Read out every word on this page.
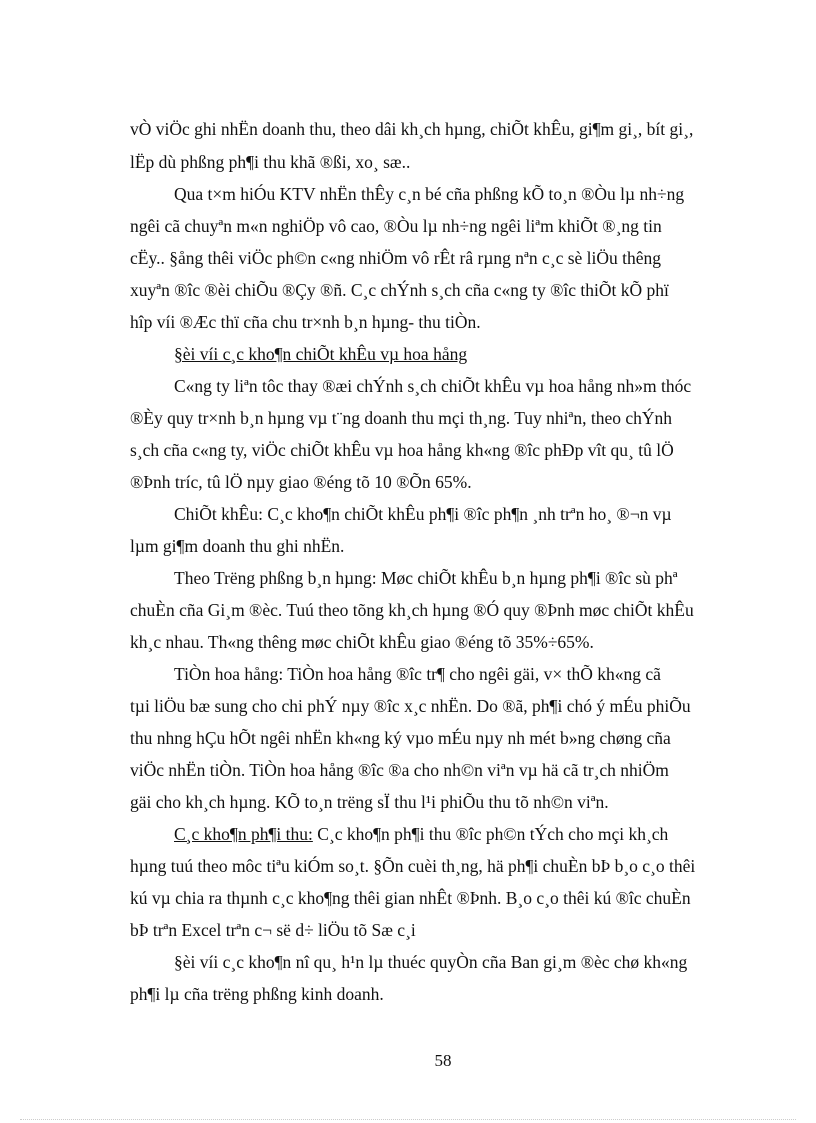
vÒ viÖc ghi nhËn doanh thu, theo dâi kh¸ch hµng, chiÕt khÊu, gi¶m gi¸, bít gi¸,

lËp dù phßng ph¶i thu khã ®ßi, xo¸ sæ..

Qua t×m hiÓu KTV nhËn thÊy c¸n bé cña phßng kÕ to¸n ®Òu lµ nh÷ng

ngêi cã chuyªn m«n nghiÖp vô cao, ®Òu lµ nh÷ng ngêi liªm khiÕt ®¸ng tin

cËy.. §ång thêi viÖc ph©n c«ng nhiÖm vô rÊt râ rµng nªn c¸c sè liÖu thêng

xuyªn ®îc ®èi chiÕu ®Çy ®ñ. C¸c chÝnh s¸ch cña c«ng ty ®îc thiÕt kÕ phï

hîp víi ®Æc thï cña chu tr×nh b¸n hµng- thu tiÒn.

§èi víi c¸c kho¶n chiÕt khÊu vµ hoa hång

C«ng ty liªn tôc thay ®æi chÝnh s¸ch chiÕt khÊu vµ hoa hång nh»m thóc

®Èy quy tr×nh b¸n hµng vµ t¨ng doanh thu mçi th¸ng. Tuy nhiªn, theo chÝnh

s¸ch cña c«ng ty, viÖc chiÕt khÊu vµ hoa hång kh«ng ®îc phÐp vît qu¸ tû lÖ

®Þnh tríc, tû lÖ nµy giao ®éng tõ 10 ®Õn 65%.

ChiÕt khÊu: C¸c kho¶n chiÕt khÊu ph¶i ®îc ph¶n ¸nh trªn ho¸ ®¬n vµ

lµm gi¶m doanh thu ghi nhËn.

Theo Trëng phßng b¸n hµng: Møc chiÕt khÊu b¸n hµng ph¶i ®îc sù phª

chuÈn cña Gi¸m ®èc. Tuú theo tõng kh¸ch hµng ®Ó quy ®Þnh møc chiÕt khÊu

kh¸c nhau. Th«ng thêng møc chiÕt khÊu giao ®éng tõ 35%÷65%.

TiÒn hoa hång: TiÒn hoa hång ®îc tr¶ cho ngêi gäi, v× thÕ kh«ng cã

tµi liÖu bæ sung cho chi phÝ nµy ®îc x¸c nhËn. Do ®ã, ph¶i chó ý mÉu phiÕu

thu nhng hÇu hÕt ngêi nhËn kh«ng ký vµo mÉu nµy nh mét b»ng chøng cña

viÖc nhËn tiÒn. TiÒn hoa hång ®îc ®a cho nh©n viªn vµ hä cã tr¸ch nhiÖm

gäi cho kh¸ch hµng. KÕ to¸n trëng sÏ thu l¹i phiÕu thu tõ nh©n viªn.

C¸c kho¶n ph¶i thu: C¸c kho¶n ph¶i thu ®îc ph©n tÝch cho mçi kh¸ch

hµng tuú theo môc tiªu kiÓm so¸t. §Õn cuèi th¸ng, hä ph¶i chuÈn bÞ b¸o c¸o thêi

kú vµ chia ra thµnh c¸c kho¶ng thêi gian nhÊt ®Þnh. B¸o c¸o thêi kú ®îc chuÈn

bÞ trªn Excel trªn c¬ së d÷ liÖu tõ Sæ c¸i

§èi víi c¸c kho¶n nî qu¸ h¹n lµ thuéc quyÒn cña Ban gi¸m ®èc chø kh«ng

ph¶i lµ cña trëng phßng kinh doanh.

58
